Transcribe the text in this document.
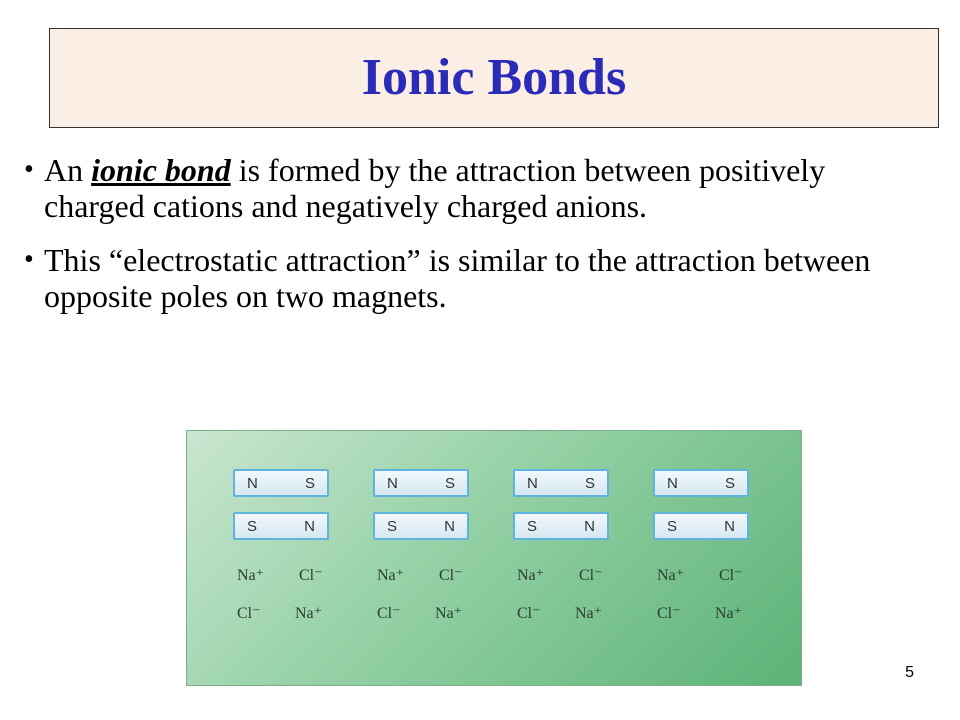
Ionic Bonds
• An ionic bond is formed by the attraction between positively charged cations and negatively charged anions.
• This “electrostatic attraction” is similar to the attraction between opposite poles on two magnets.
N	S
S	N
Na⁺ Cl⁻
Cl⁻ Na⁺
N	S
S	N
Na⁺ Cl⁻
Cl⁻ Na⁺
N	S
S	N
Na⁺ Cl⁻
Cl⁻ Na⁺
N	S
S	N
Na⁺ Cl⁻
Cl⁻ Na⁺
5
